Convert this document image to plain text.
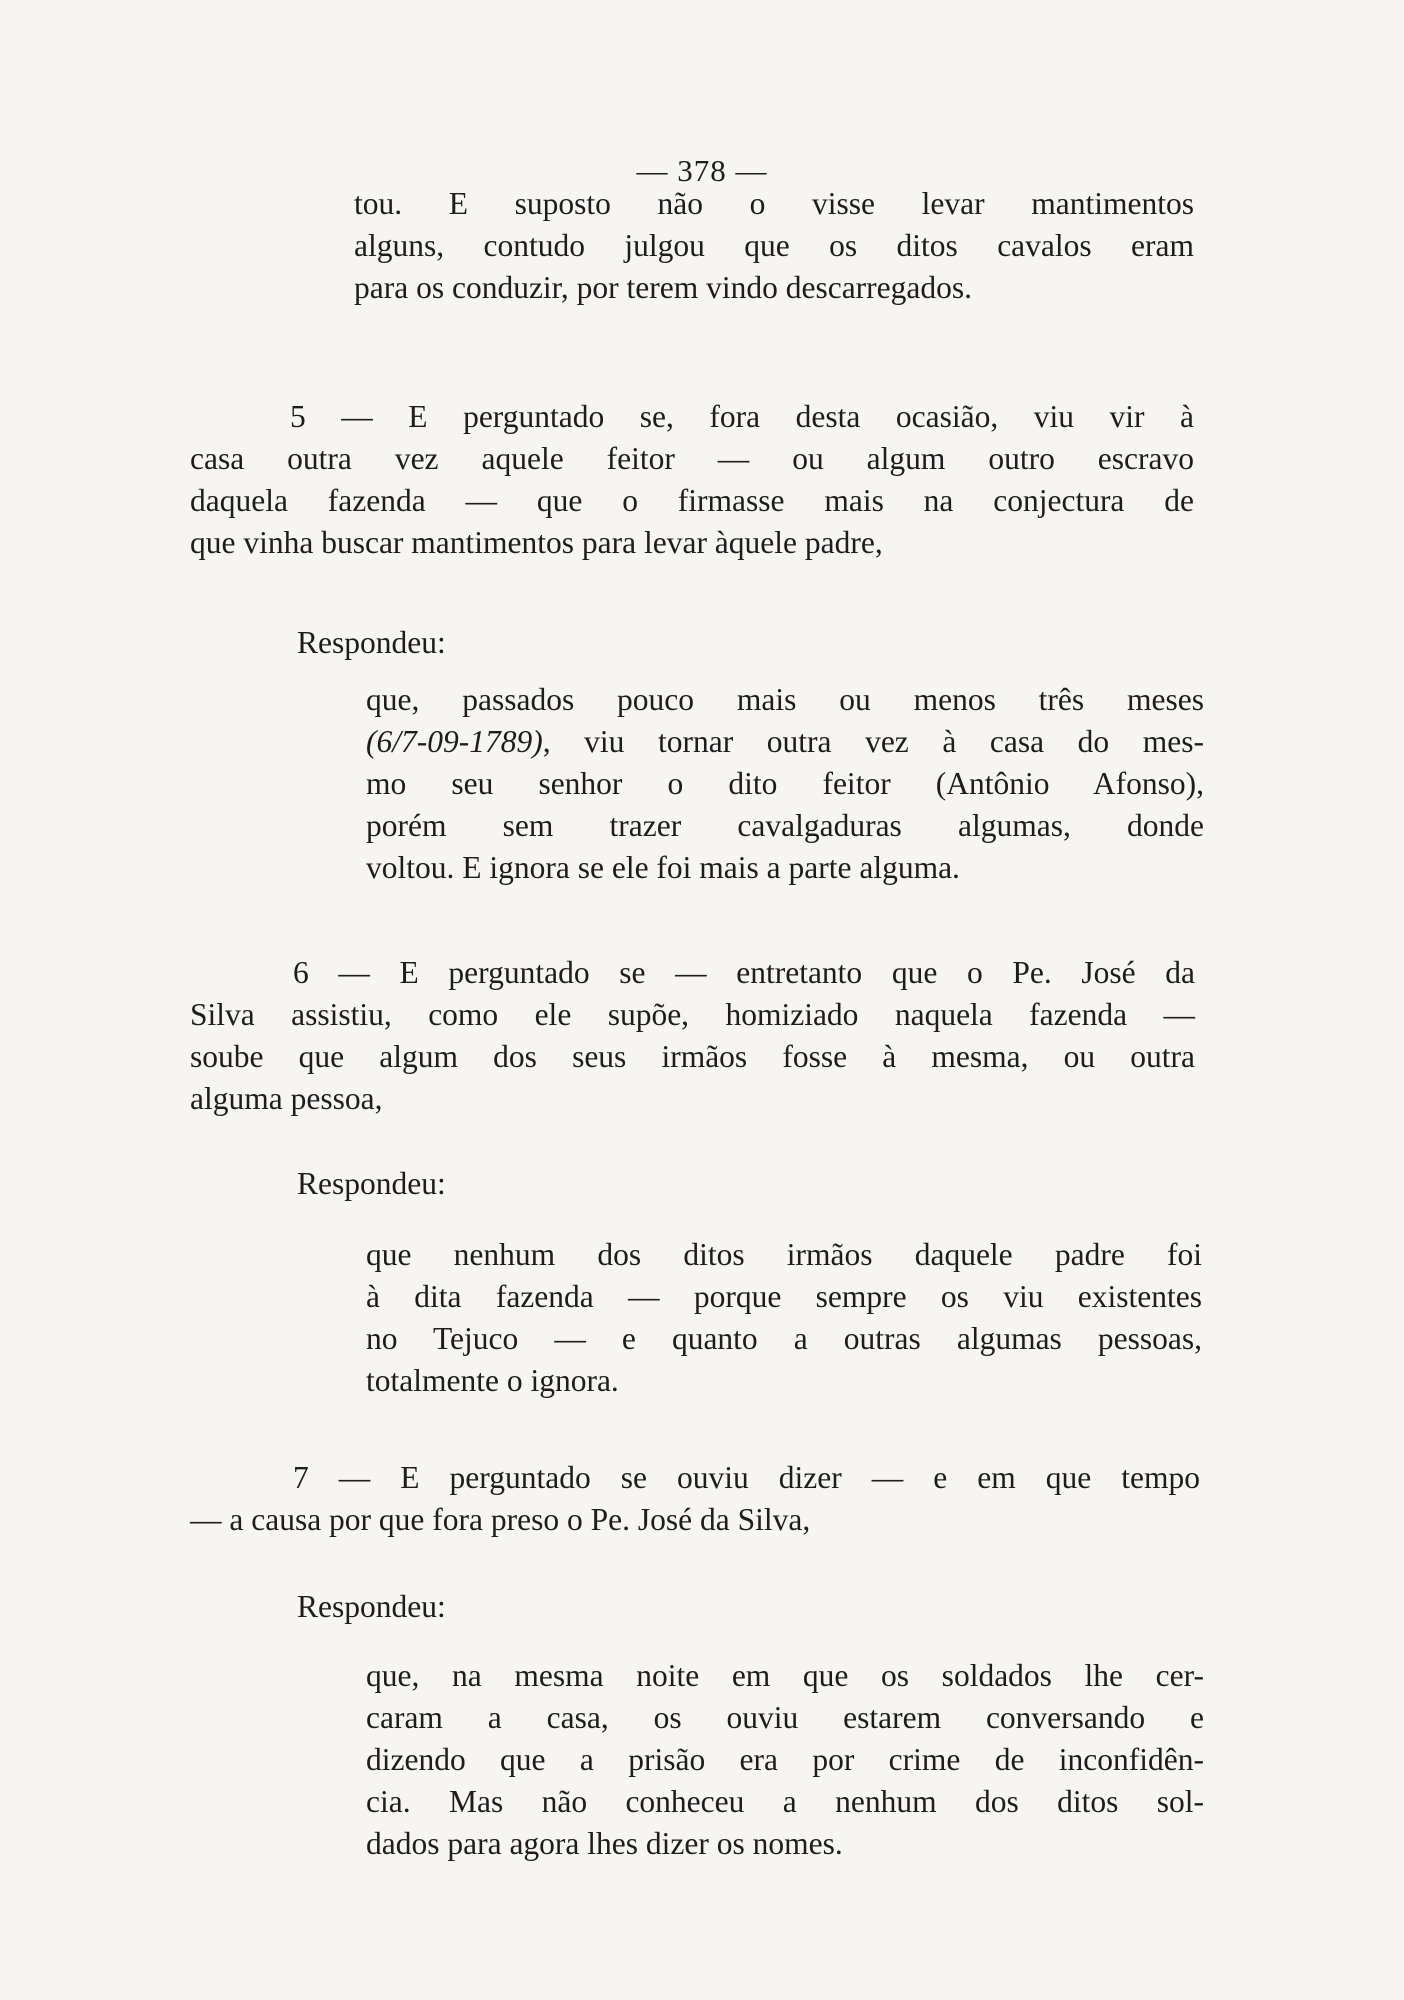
— 378 —
tou. E suposto não o visse levar mantimentos
alguns, contudo julgou que os ditos cavalos eram
para os conduzir, por terem vindo descarregados.
5 — E perguntado se, fora desta ocasião, viu vir à
casa outra vez aquele feitor — ou algum outro escravo
daquela fazenda — que o firmasse mais na conjectura de
que vinha buscar mantimentos para levar àquele padre,
Respondeu:
que, passados pouco mais ou menos três meses
(6/7-09-1789), viu tornar outra vez à casa do mes-
mo seu senhor o dito feitor (Antônio Afonso),
porém sem trazer cavalgaduras algumas, donde
voltou. E ignora se ele foi mais a parte alguma.
6 — E perguntado se — entretanto que o Pe. José da
Silva assistiu, como ele supõe, homiziado naquela fazenda —
soube que algum dos seus irmãos fosse à mesma, ou outra
alguma pessoa,
Respondeu:
que nenhum dos ditos irmãos daquele padre foi
à dita fazenda — porque sempre os viu existentes
no Tejuco — e quanto a outras algumas pessoas,
totalmente o ignora.
7 — E perguntado se ouviu dizer — e em que tempo
— a causa por que fora preso o Pe. José da Silva,
Respondeu:
que, na mesma noite em que os soldados lhe cer-
caram a casa, os ouviu estarem conversando e
dizendo que a prisão era por crime de inconfidên-
cia. Mas não conheceu a nenhum dos ditos sol-
dados para agora lhes dizer os nomes.
